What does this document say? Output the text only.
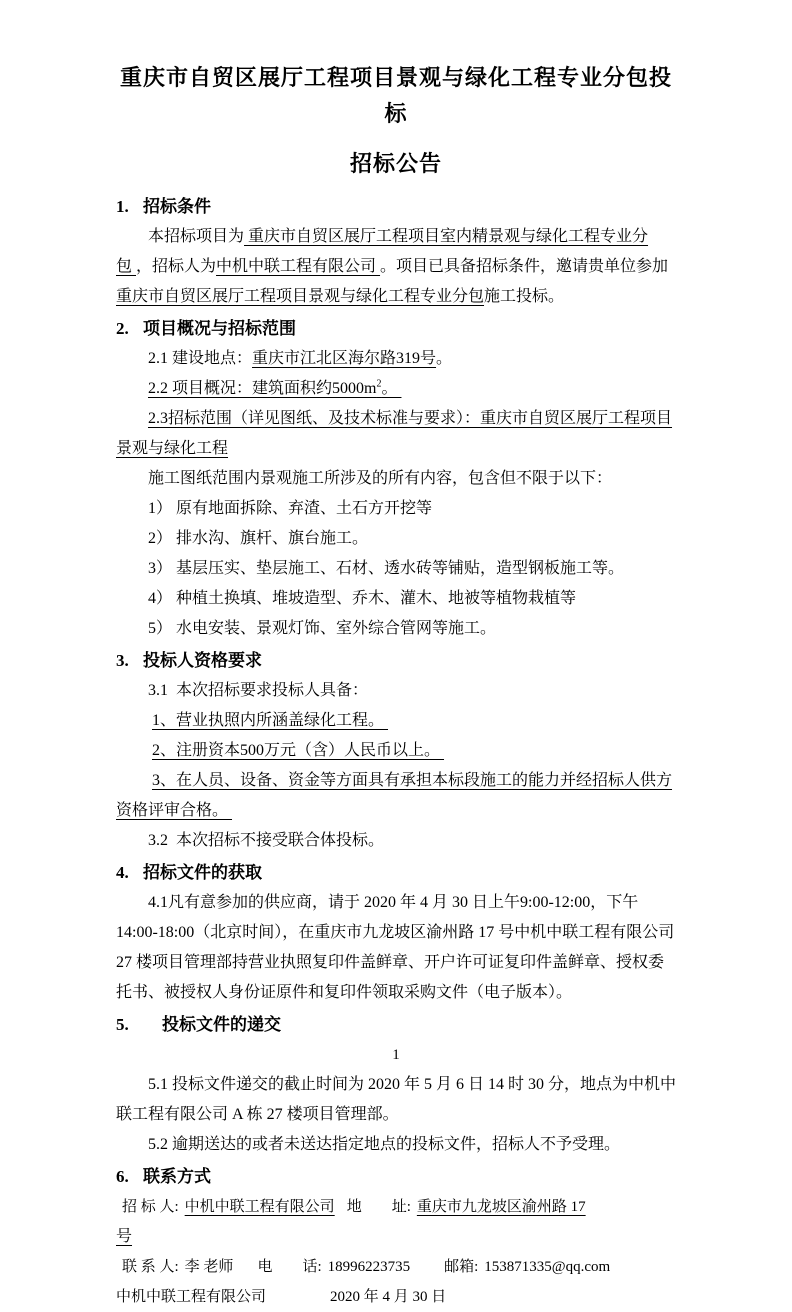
重庆市自贸区展厅工程项目景观与绿化工程专业分包投标
招标公告

1. 招标条件

本招标项目为 重庆市自贸区展厅工程项目室内精景观与绿化工程专业分包 ，招标人为中机中联工程有限公司 。项目已具备招标条件，邀请贵单位参加 重庆市自贸区展厅工程项目景观与绿化工程专业分包施工投标。

2. 项目概况与招标范围

2.1 建设地点：重庆市江北区海尔路319号。

2.2 项目概况：建筑面积约$5000m^2$。

2.3招标范围（详见图纸、及技术标准与要求）：重庆市自贸区展厅工程项目景观与绿化工程

施工图纸范围内景观施工所涉及的所有内容，包含但不限于以下：

1） 原有地面拆除、弃渣、土石方开挖等

2） 排水沟、旗杆、旗台施工。

3） 基层压实、垫层施工、石材、透水砖等铺贴，造型钢板施工等。

4） 种植土换填、堆坡造型、乔木、灌木、地被等植物栽植等

5） 水电安装、景观灯饰、室外综合管网等施工。

3. 投标人资格要求

3.1  本次招标要求投标人具备：

1、营业执照内所涵盖绿化工程。

2、注册资本500万元（含）人民币以上。

3、在人员、设备、资金等方面具有承担本标段施工的能力并经招标人供方资格评审合格。

3.2  本次招标不接受联合体投标。

4. 招标文件的获取

4.1凡有意参加的供应商，请于 2020 年 4 月 30 日上午9:00-12:00，下午　14:00-18:00（北京时间），在重庆市九龙坡区渝州路 17 号中机中联工程有限公司 27 楼项目管理部持营业执照复印件盖鲜章、开户许可证复印件盖鲜章、授权委托书、被授权人身份证原件和复印件领取采购文件（电子版本）。

5. 投标文件的递交

1

5.1 投标文件递交的截止时间为 2020 年 5 月 6 日 14 时 30 分，地点为中机中联工程有限公司 A 栋 27 楼项目管理部。

5.2 逾期送达的或者未送达指定地点的投标文件，招标人不予受理。

6. 联系方式

招 标 人: 中机中联工程有限公司 地　　址: 重庆市九龙坡区渝州路 17

号

联 系 人: 李 老师 电　　话: 18996223735 邮箱: 153871335@qq.com
中机中联工程有限公司	2020 年 4 月 30 日
